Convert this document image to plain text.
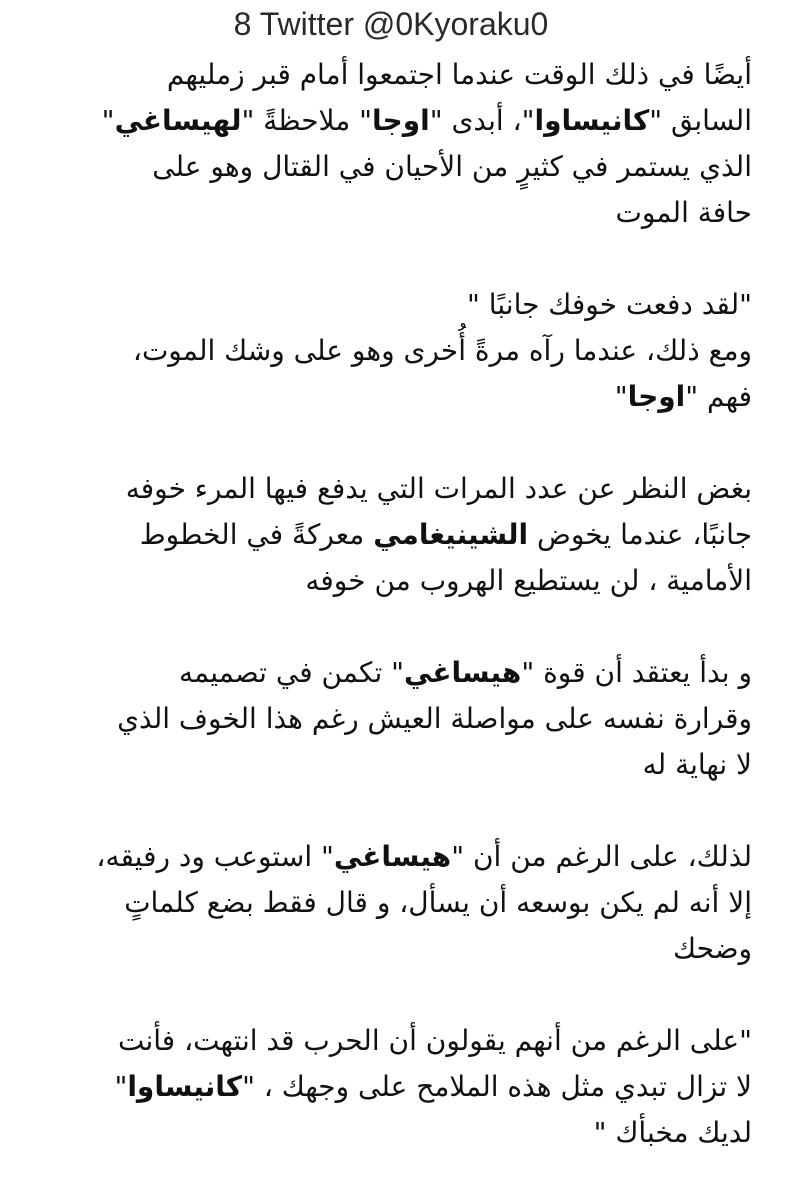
8 Twitter @0Kyoraku0
أيضًا في ذلك الوقت عندما اجتمعوا أمام قبر زمليهم
السابق "كانيساوا"، أبدى "اوجا" ملاحظةً "لهيساغي"
الذي يستمر في كثيرٍ من الأحيان في القتال وهو على
حافة الموت
"لقد دفعت خوفك جانبًا "
ومع ذلك، عندما رآه مرةً أُخرى وهو على وشك الموت،
فهم "اوجا"
بغض النظر عن عدد المرات التي يدفع فيها المرء خوفه
جانبًا، عندما يخوض الشينيغامي معركةً في الخطوط
الأمامية ، لن يستطيع الهروب من خوفه
و بدأ يعتقد أن قوة "هيساغي" تكمن في تصميمه
وقرارة نفسه على مواصلة العيش رغم هذا الخوف الذي
لا نهاية له
لذلك، على الرغم من أن "هيساغي" استوعب ود رفيقه،
إلا أنه لم يكن بوسعه أن يسأل، و قال فقط بضع كلماتٍ
وضحك
"على الرغم من أنهم يقولون أن الحرب قد انتهت، فأنت
لا تزال تبدي مثل هذه الملامح على وجهك ، "كانيساوا"
لديك مخبأك "
